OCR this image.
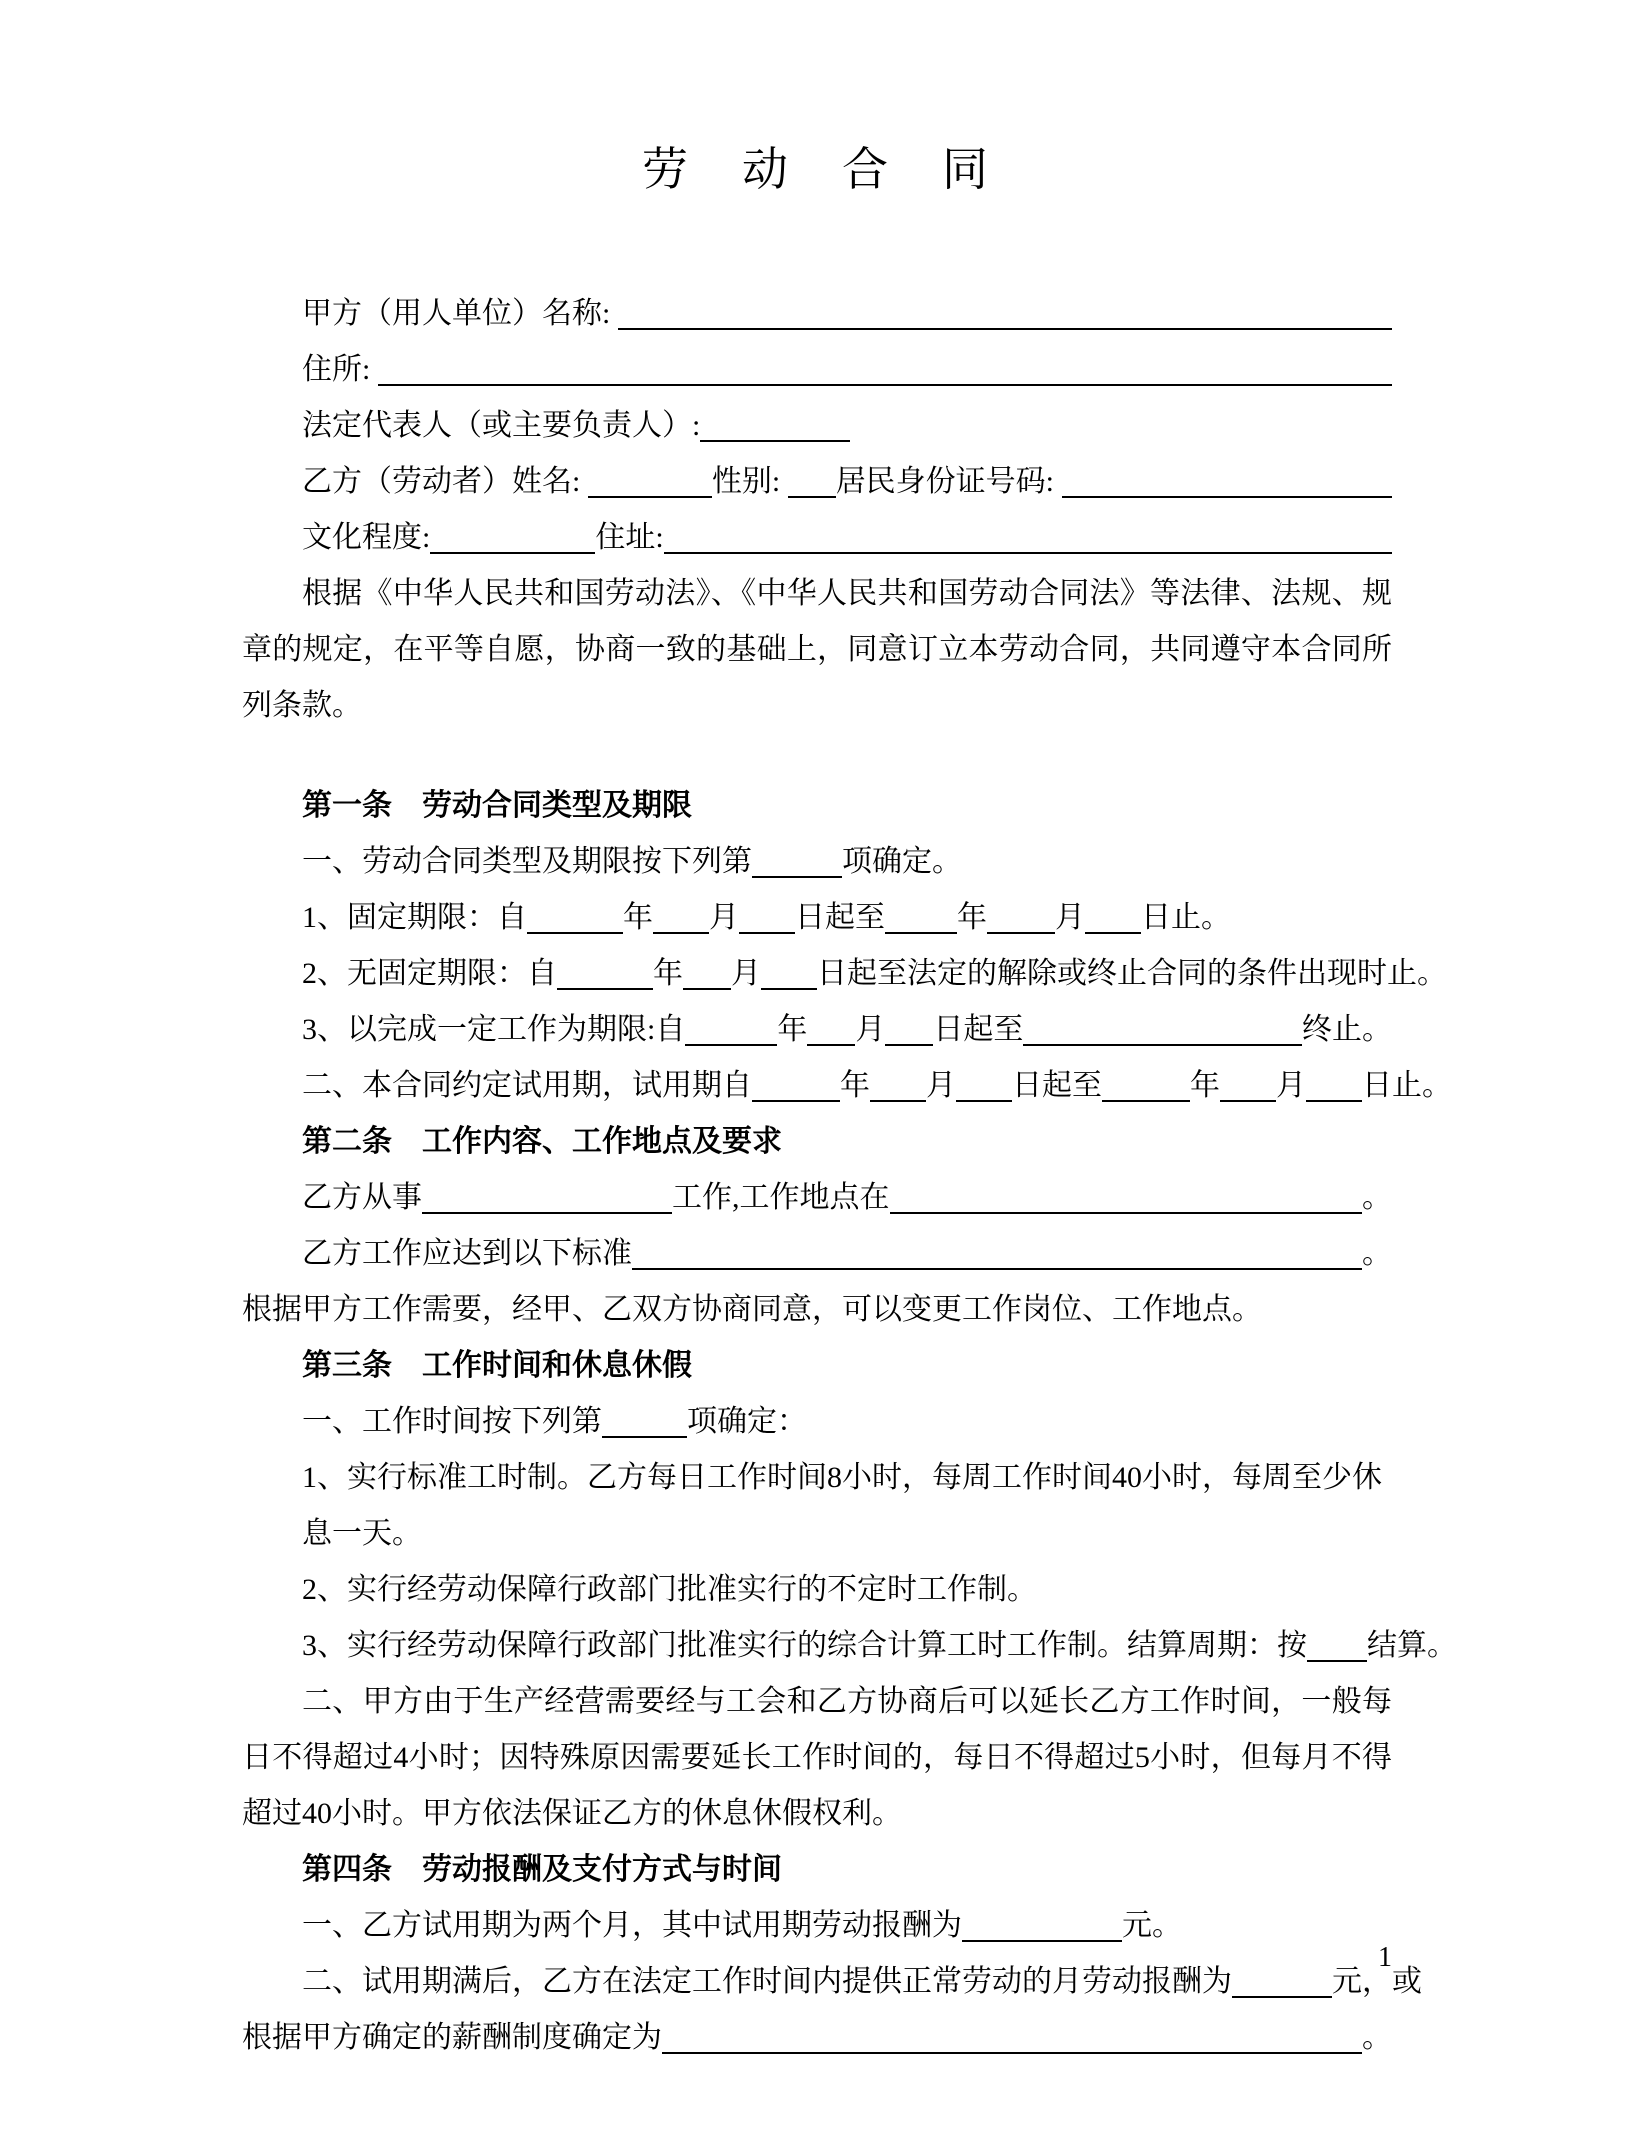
劳　动　合　同
甲方（用人单位）名称:
住所:
法定代表人（或主要负责人）:
乙方（劳动者）姓名:	性别: 居民身份证号码:
文化程度:	住址:

根据《中华人民共和国劳动法》、《中华人民共和国劳动合同法》等法律、法规、规章的规定，在平等自愿，协商一致的基础上，同意订立本劳动合同，共同遵守本合同所列条款。

第一条　劳动合同类型及期限
一、劳动合同类型及期限按下列第	项确定。
1、固定期限：自	年 月 日起至 年 月 日止。
2、无固定期限：自	年 月 日起至法定的解除或终止合同的条件出现时止。
3、以完成一定工作为期限:自	年 月 日起至	终止。
二、本合同约定试用期，试用期自	年 月 日起至	年 月 日止。
第二条　工作内容、工作地点及要求
乙方从事	工作,工作地点在	。
乙方工作应达到以下标准	。
根据甲方工作需要，经甲、乙双方协商同意，可以变更工作岗位、工作地点。
第三条　工作时间和休息休假
一、工作时间按下列第	项确定：
1、实行标准工时制。乙方每日工作时间8小时，每周工作时间40小时，每周至少休息一天。
2、实行经劳动保障行政部门批准实行的不定时工作制。
3、实行经劳动保障行政部门批准实行的综合计算工时工作制。结算周期：按 结算。

二、甲方由于生产经营需要经与工会和乙方协商后可以延长乙方工作时间，一般每日不得超过4小时；因特殊原因需要延长工作时间的，每日不得超过5小时，但每月不得超过40小时。甲方依法保证乙方的休息休假权利。

第四条　劳动报酬及支付方式与时间
一、乙方试用期为两个月，其中试用期劳动报酬为	元。
二、试用期满后，乙方在法定工作时间内提供正常劳动的月劳动报酬为	元，或
根据甲方确定的薪酬制度确定为	。
1
